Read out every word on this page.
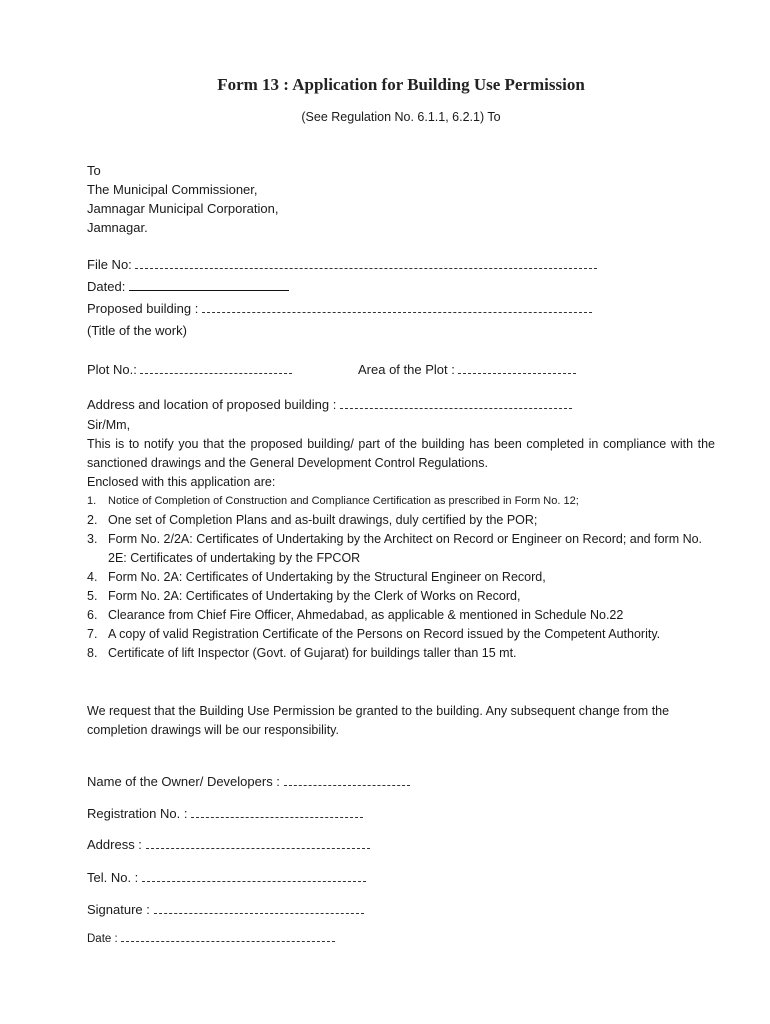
Form 13 : Application for Building Use Permission
(See Regulation No. 6.1.1, 6.2.1) To
To
The Municipal Commissioner,
Jamnagar Municipal Corporation,
Jamnagar.
File No:
Dated:
Proposed building :
(Title of the work)
Plot No.:	Area of the Plot :
Address and location of proposed building :
Sir/Mm,
This is to notify you that the proposed building/ part of the building has been completed in compliance with the sanctioned drawings and the General Development Control Regulations.
Enclosed with this application are:
1. Notice of Completion of Construction and Compliance Certification as prescribed in Form No. 12;
2. One set of Completion Plans and as-built drawings, duly certified by the POR;
3. Form No. 2/2A: Certificates of Undertaking by the Architect on Record or Engineer on Record; and form No. 2E: Certificates of undertaking by the FPCOR
4. Form No. 2A: Certificates of Undertaking by the Structural Engineer on Record,
5. Form No. 2A: Certificates of Undertaking by the Clerk of Works on Record,
6. Clearance from Chief Fire Officer, Ahmedabad, as applicable & mentioned in Schedule No.22
7. A copy of valid Registration Certificate of the Persons on Record issued by the Competent Authority.
8. Certificate of lift Inspector (Govt. of Gujarat) for buildings taller than 15 mt.
We request that the Building Use Permission be granted to the building. Any subsequent change from the completion drawings will be our responsibility.
Name of the Owner/ Developers :
Registration No. :
Address :
Tel. No. :
Signature :
Date :
